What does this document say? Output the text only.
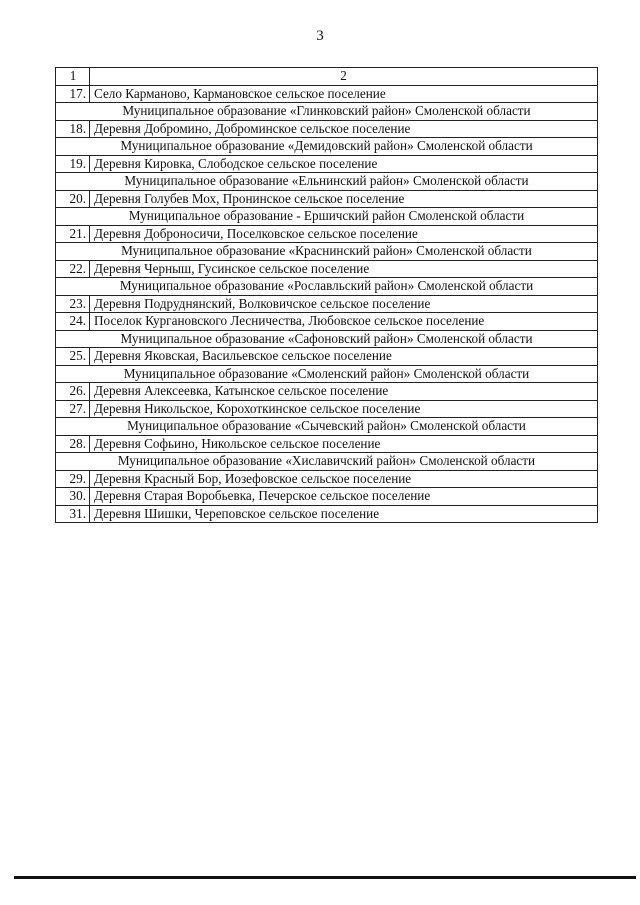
3
1	2
17.	Село Карманово, Кармановское сельское поселение
Муниципальное образование «Глинковский район» Смоленской области	
18.	Деревня Добромино, Доброминское сельское поселение
Муниципальное образование «Демидовский район» Смоленской области	
19.	Деревня Кировка, Слободское сельское поселение
Муниципальное образование «Ельнинский район» Смоленской области	
20.	Деревня Голубев Мох, Пронинское сельское поселение
Муниципальное образование - Ершичский район Смоленской области	
21.	Деревня Доброносичи, Поселковское сельское поселение
Муниципальное образование «Краснинский район» Смоленской области	
22.	Деревня Черныш, Гусинское сельское поселение
Муниципальное образование «Рославльский район» Смоленской области	
23.	Деревня Подруднянский, Волковичское сельское поселение
24.	Поселок Кургановского Лесничества, Любовское сельское поселение
Муниципальное образование «Сафоновский район» Смоленской области	
25.	Деревня Яковская, Васильевское сельское поселение
Муниципальное образование «Смоленский район» Смоленской области	
26.	Деревня Алексеевка, Катынское сельское поселение
27.	Деревня Никольское, Корохоткинское сельское поселение
Муниципальное образование «Сычевский район» Смоленской области	
28.	Деревня Софьино, Никольское сельское поселение
Муниципальное образование «Хиславичский район» Смоленской области	
29.	Деревня Красный Бор, Иозефовское сельское поселение
30.	Деревня Старая Воробьевка, Печерское сельское поселение
31.	Деревня Шишки, Череповское сельское поселение
